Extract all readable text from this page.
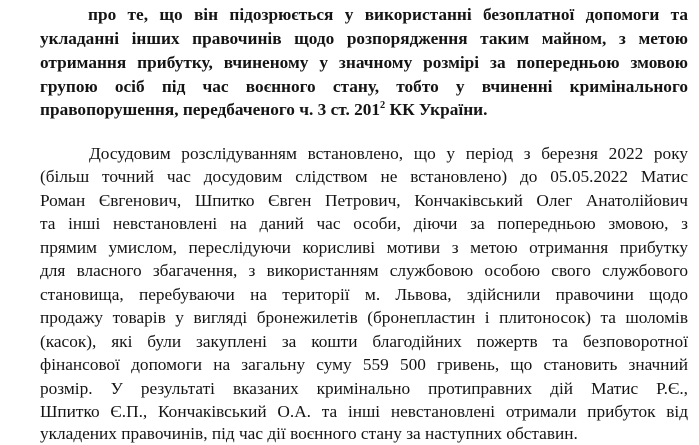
про те, що він підозрюється у використанні безоплатної допомоги та
укладанні інших правочинів щодо розпорядження таким майном, з метою
отримання прибутку, вчиненому у значному розмірі за попередньою змовою
групою осіб під час воєнного стану, тобто у вчиненні кримінального
правопорушення, передбаченого ч. 3 ст. $201^2$ КК України.
Досудовим розслідуванням встановлено, що у період з березня 2022 року
(більш точний час досудовим слідством не встановлено) до 05.05.2022 Матис
Роман Євгенович, Шпитко Євген Петрович, Кончаківський Олег Анатолійович
та інші невстановлені на даний час особи, діючи за попередньою змовою, з
прямим умислом, переслідуючи корисливі мотиви з метою отримання прибутку
для власного збагачення, з використанням службовою особою свого службового
становища, перебуваючи на території м. Львова, здійснили правочини щодо
продажу товарів у вигляді бронежилетів (бронепластин і плитоносок) та шоломів
(касок), які були закуплені за кошти благодійних пожертв та безповоротної
фінансової допомоги на загальну суму 559 500 гривень, що становить значний
розмір. У результаті вказаних кримінально протиправних дій Матис Р.Є.,
Шпитко Є.П., Кончаківський О.А. та інші невстановлені отримали прибуток від
укладених правочинів, під час дії воєнного стану за наступних обставин.
